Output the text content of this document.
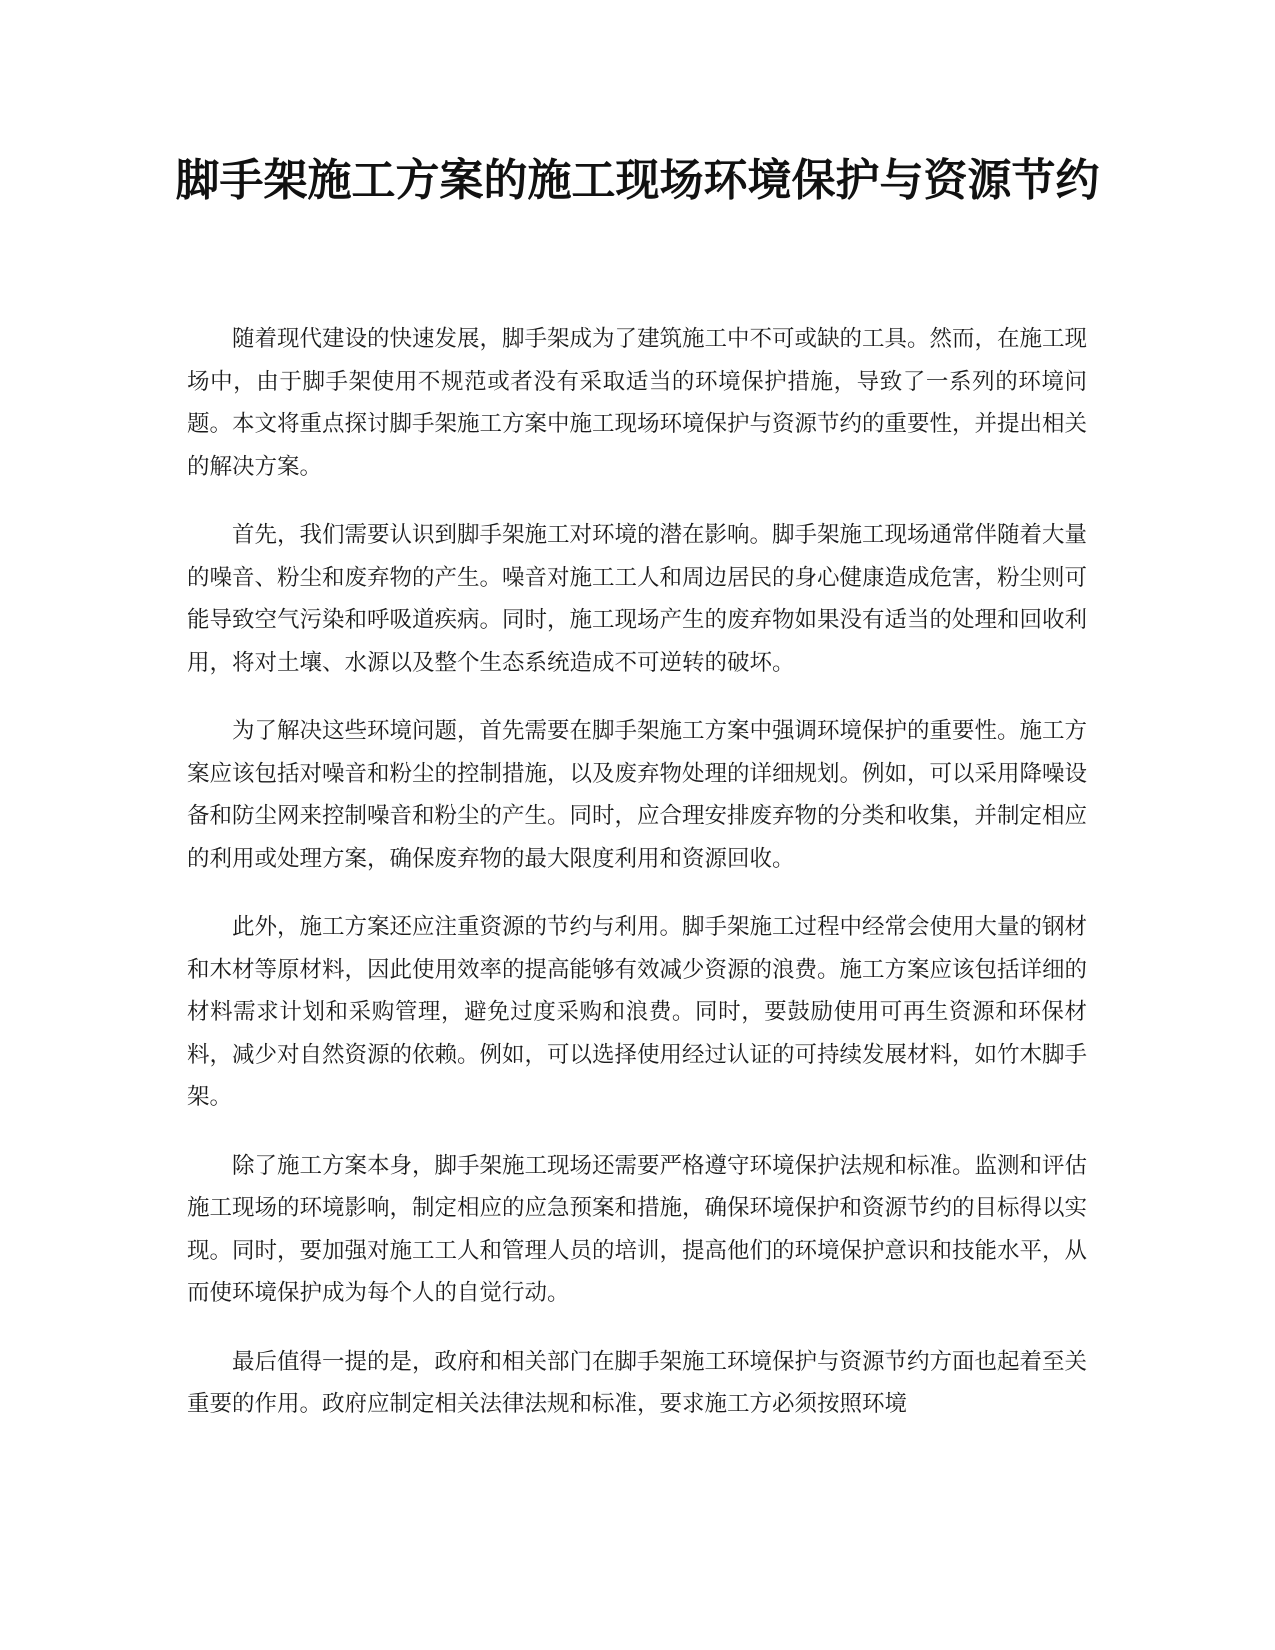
脚手架施工方案的施工现场环境保护与资源节约

随着现代建设的快速发展，脚手架成为了建筑施工中不可或缺的工具。然而，在施工现场中，由于脚手架使用不规范或者没有采取适当的环境保护措施，导致了一系列的环境问题。本文将重点探讨脚手架施工方案中施工现场环境保护与资源节约的重要性，并提出相关的解决方案。

首先，我们需要认识到脚手架施工对环境的潜在影响。脚手架施工现场通常伴随着大量的噪音、粉尘和废弃物的产生。噪音对施工工人和周边居民的身心健康造成危害，粉尘则可能导致空气污染和呼吸道疾病。同时，施工现场产生的废弃物如果没有适当的处理和回收利用，将对土壤、水源以及整个生态系统造成不可逆转的破坏。

为了解决这些环境问题，首先需要在脚手架施工方案中强调环境保护的重要性。施工方案应该包括对噪音和粉尘的控制措施，以及废弃物处理的详细规划。例如，可以采用降噪设备和防尘网来控制噪音和粉尘的产生。同时，应合理安排废弃物的分类和收集，并制定相应的利用或处理方案，确保废弃物的最大限度利用和资源回收。

此外，施工方案还应注重资源的节约与利用。脚手架施工过程中经常会使用大量的钢材和木材等原材料，因此使用效率的提高能够有效减少资源的浪费。施工方案应该包括详细的材料需求计划和采购管理，避免过度采购和浪费。同时，要鼓励使用可再生资源和环保材料，减少对自然资源的依赖。例如，可以选择使用经过认证的可持续发展材料，如竹木脚手架。

除了施工方案本身，脚手架施工现场还需要严格遵守环境保护法规和标准。监测和评估施工现场的环境影响，制定相应的应急预案和措施，确保环境保护和资源节约的目标得以实现。同时，要加强对施工工人和管理人员的培训，提高他们的环境保护意识和技能水平，从而使环境保护成为每个人的自觉行动。

最后值得一提的是，政府和相关部门在脚手架施工环境保护与资源节约方面也起着至关重要的作用。政府应制定相关法律法规和标准，要求施工方必须按照环境
